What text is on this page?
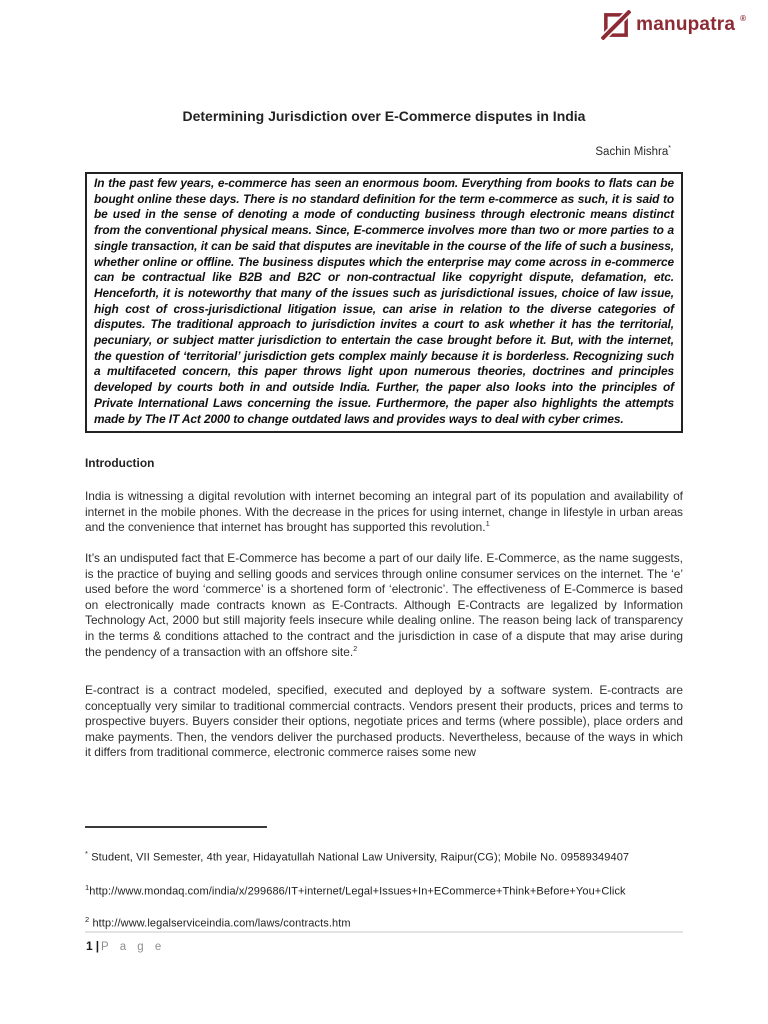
manupatra ®
Determining Jurisdiction over E-Commerce disputes in India
Sachin Mishra*
In the past few years, e-commerce has seen an enormous boom. Everything from books to flats can be bought online these days. There is no standard definition for the term e-commerce as such, it is said to be used in the sense of denoting a mode of conducting business through electronic means distinct from the conventional physical means. Since, E-commerce involves more than two or more parties to a single transaction, it can be said that disputes are inevitable in the course of the life of such a business, whether online or offline. The business disputes which the enterprise may come across in e-commerce can be contractual like B2B and B2C or non-contractual like copyright dispute, defamation, etc. Henceforth, it is noteworthy that many of the issues such as jurisdictional issues, choice of law issue, high cost of cross-jurisdictional litigation issue, can arise in relation to the diverse categories of disputes. The traditional approach to jurisdiction invites a court to ask whether it has the territorial, pecuniary, or subject matter jurisdiction to entertain the case brought before it. But, with the internet, the question of ‘territorial’ jurisdiction gets complex mainly because it is borderless. Recognizing such a multifaceted concern, this paper throws light upon numerous theories, doctrines and principles developed by courts both in and outside India. Further, the paper also looks into the principles of Private International Laws concerning the issue. Furthermore, the paper also highlights the attempts made by The IT Act 2000 to change outdated laws and provides ways to deal with cyber crimes.
Introduction

India is witnessing a digital revolution with internet becoming an integral part of its population and availability of internet in the mobile phones. With the decrease in the prices for using internet, change in lifestyle in urban areas and the convenience that internet has brought has supported this revolution.$^1$

It’s an undisputed fact that E-Commerce has become a part of our daily life. E-Commerce, as the name suggests, is the practice of buying and selling goods and services through online consumer services on the internet. The ‘e’ used before the word ‘commerce’ is a shortened form of ‘electronic’. The effectiveness of E-Commerce is based on electronically made contracts known as E-Contracts. Although E-Contracts are legalized by Information Technology Act, 2000 but still majority feels insecure while dealing online. The reason being lack of transparency in the terms & conditions attached to the contract and the jurisdiction in case of a dispute that may arise during the pendency of a transaction with an offshore site.$^2$

E-contract is a contract modeled, specified, executed and deployed by a software system. E-contracts are conceptually very similar to traditional commercial contracts. Vendors present their products, prices and terms to prospective buyers. Buyers consider their options, negotiate prices and terms (where possible), place orders and make payments. Then, the vendors deliver the purchased products. Nevertheless, because of the ways in which it differs from traditional commerce, electronic commerce raises some new

* Student, VII Semester, 4th year, Hidayatullah National Law University, Raipur(CG); Mobile No. 09589349407

$^1$http://www.mondaq.com/india/x/299686/IT+internet/Legal+Issues+In+ECommerce+Think+Before+You+Click

$^2$ http://www.legalserviceindia.com/laws/contracts.htm

1 | P a g e
